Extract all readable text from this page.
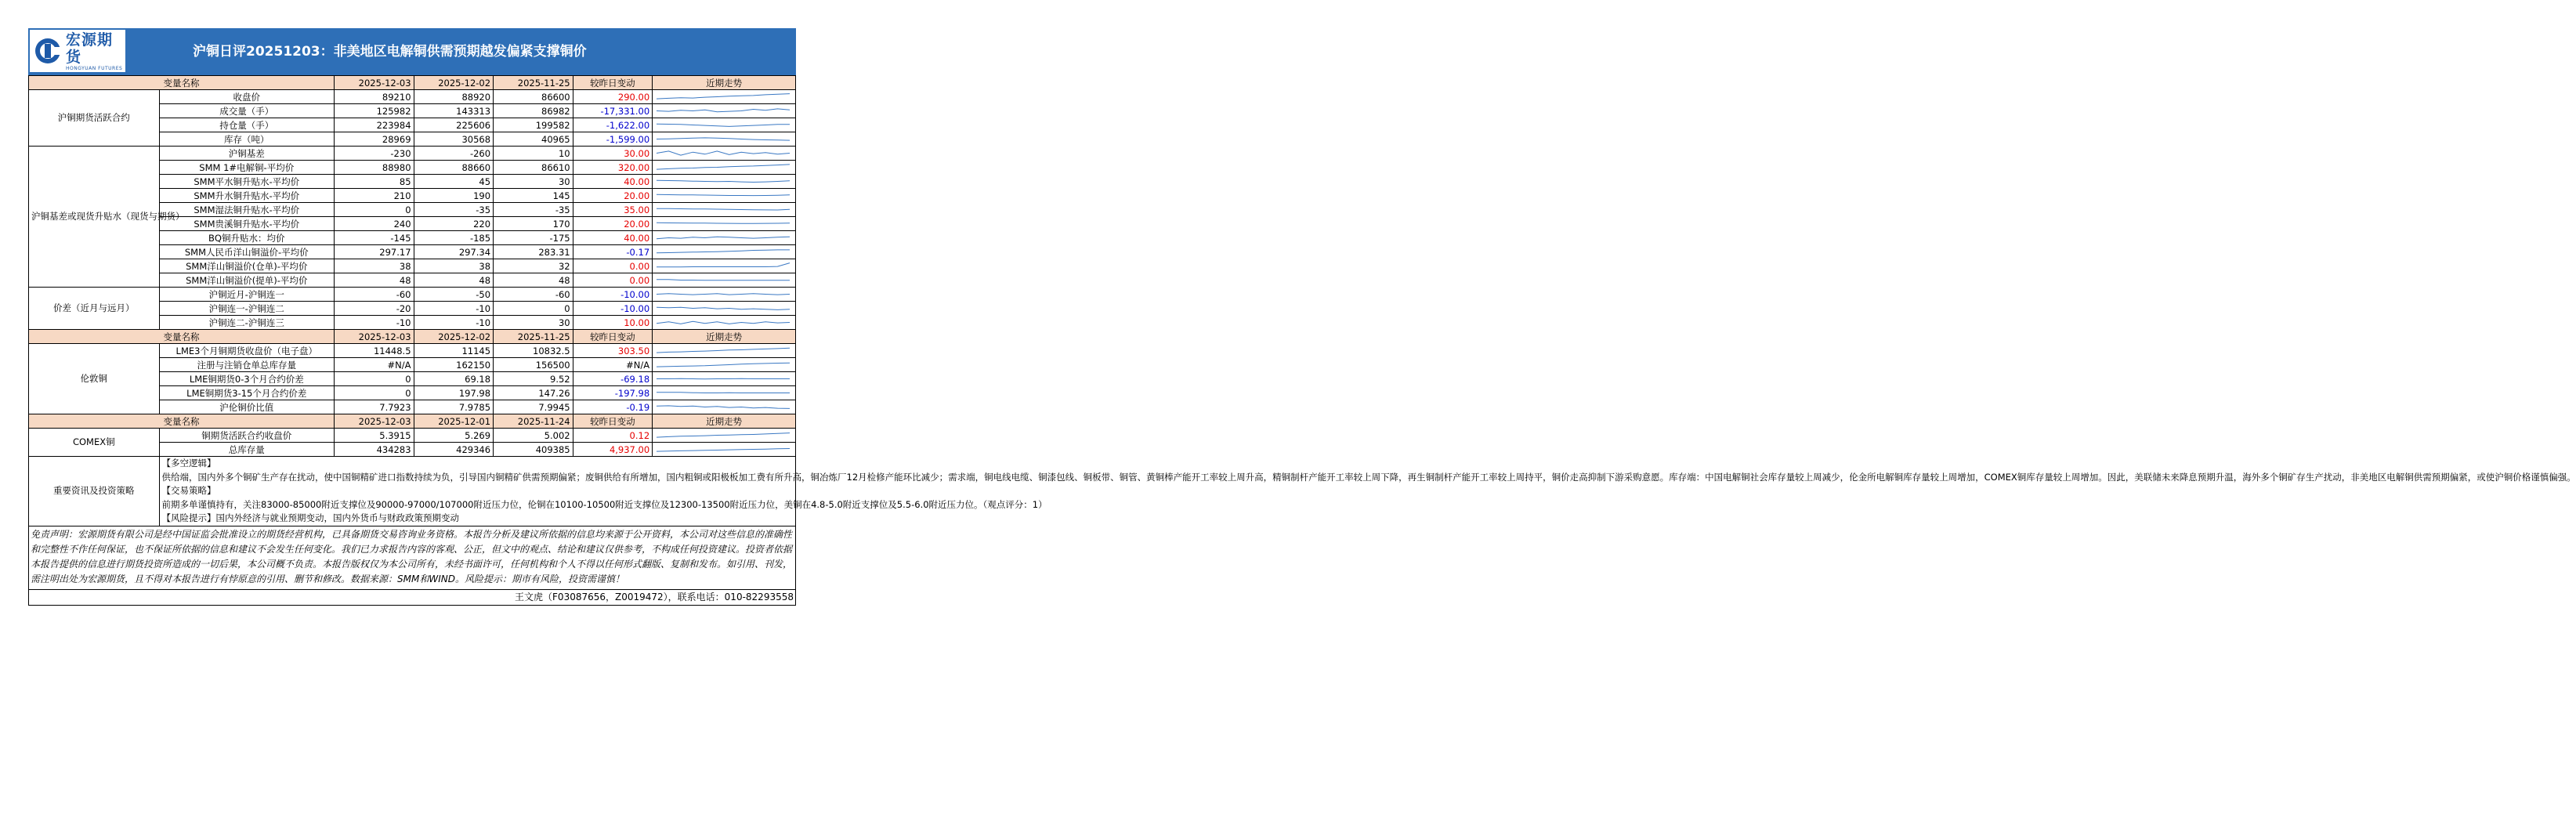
宏源期货
HONGYUAN FUTURES
沪铜日评20251203：非美地区电解铜供需预期越发偏紧支撑铜价
变量名称		2025-12-03	2025-12-02	2025-11-25	较昨日变动	近期走势
沪铜期货活跃合约	收盘价	89210	88920	86600	290.00	

	成交量（手）	125982	143313	86982	-17,331.00	

	持仓量（手）	223984	225606	199582	-1,622.00	

	库存（吨）	28969	30568	40965	-1,599.00	

沪铜基差或现货升贴水（现货与期货）	沪铜基差	-230	-260	10	30.00	

	SMM 1#电解铜-平均价	88980	88660	86610	320.00	

	SMM平水铜升贴水-平均价	85	45	30	40.00	

	SMM升水铜升贴水-平均价	210	190	145	20.00	

	SMM湿法铜升贴水-平均价	0	-35	-35	35.00	

	SMM贵溪铜升贴水-平均价	240	220	170	20.00	

	BQ铜升贴水：均价	-145	-185	-175	40.00	

	SMM人民币洋山铜溢价-平均价	297.17	297.34	283.31	-0.17	

	SMM洋山铜溢价(仓单)-平均价	38	38	32	0.00	

	SMM洋山铜溢价(提单)-平均价	48	48	48	0.00	

价差（近月与远月）	沪铜近月-沪铜连一	-60	-50	-60	-10.00	

	沪铜连一-沪铜连二	-20	-10	0	-10.00	

	沪铜连二-沪铜连三	-10	-10	30	10.00	

变量名称		2025-12-03	2025-12-02	2025-11-25	较昨日变动	近期走势
伦敦铜	LME3个月铜期货收盘价（电子盘）	11448.5	11145	10832.5	303.50	

	注册与注销仓单总库存量	#N/A	162150	156500	#N/A	

	LME铜期货0-3个月合约价差	0	69.18	9.52	-69.18	

	LME铜期货3-15个月合约价差	0	197.98	147.26	-197.98	

	沪伦铜价比值	7.7923	7.9785	7.9945	-0.19	

变量名称		2025-12-03	2025-12-01	2025-11-24	较昨日变动	近期走势
COMEX铜	铜期货活跃合约收盘价	5.3915	5.269	5.002	0.12	

	总库存量	434283	429346	409385	4,937.00	

重要资讯及投资策略	【多空逻辑】
供给端，国内外多个铜矿生产存在扰动，使中国铜精矿进口指数持续为负，引导国内铜精矿供需预期偏紧；废铜供给有所增加，国内粗铜或阳极板加工费有所升高，铜冶炼厂12月检修产能环比减少；需求端，铜电线电缆、铜漆包线、铜板带、铜管、黄铜棒产能开工率较上周升高，精铜制杆产能开工率较上周下降，再生铜制杆产能开工率较上周持平，铜价走高抑制下游采购意愿。库存端：中国电解铜社会库存量较上周减少，伦金所电解铜库存量较上周增加，COMEX铜库存量较上周增加。因此，美联储未来降息预期升温，海外多个铜矿存生产扰动，非美地区电解铜供需预期偏紧，或使沪铜价格谨慎偏强。
【交易策略】
前期多单谨慎持有，关注83000-85000附近支撑位及90000-97000/107000附近压力位，伦铜在10100-10500附近支撑位及12300-13500附近压力位，美铜在4.8-5.0附近支撑位及5.5-6.0附近压力位。（观点评分：1）
【风险提示】国内外经济与就业预期变动，国内外货币与财政政策预期变动					
免责声明：宏源期货有限公司是经中国证监会批准设立的期货经营机构，已具备期货交易咨询业务资格。本报告分析及建议所依据的信息均来源于公开资料，本公司对这些信息的准确性和完整性不作任何保证，也不保证所依据的信息和建议不会发生任何变化。我们已力求报告内容的客观、公正，但文中的观点、结论和建议仅供参考，不构成任何投资建议。投资者依据本报告提供的信息进行期货投资所造成的一切后果，本公司概不负责。本报告版权仅为本公司所有，未经书面许可，任何机构和个人不得以任何形式翻版、复制和发布。如引用、刊发，需注明出处为宏源期货，且不得对本报告进行有悖原意的引用、删节和修改。数据来源：SMM和WIND。风险提示：期市有风险，投资需谨慎！
王文虎（F03087656，Z0019472），联系电话：010-82293558
